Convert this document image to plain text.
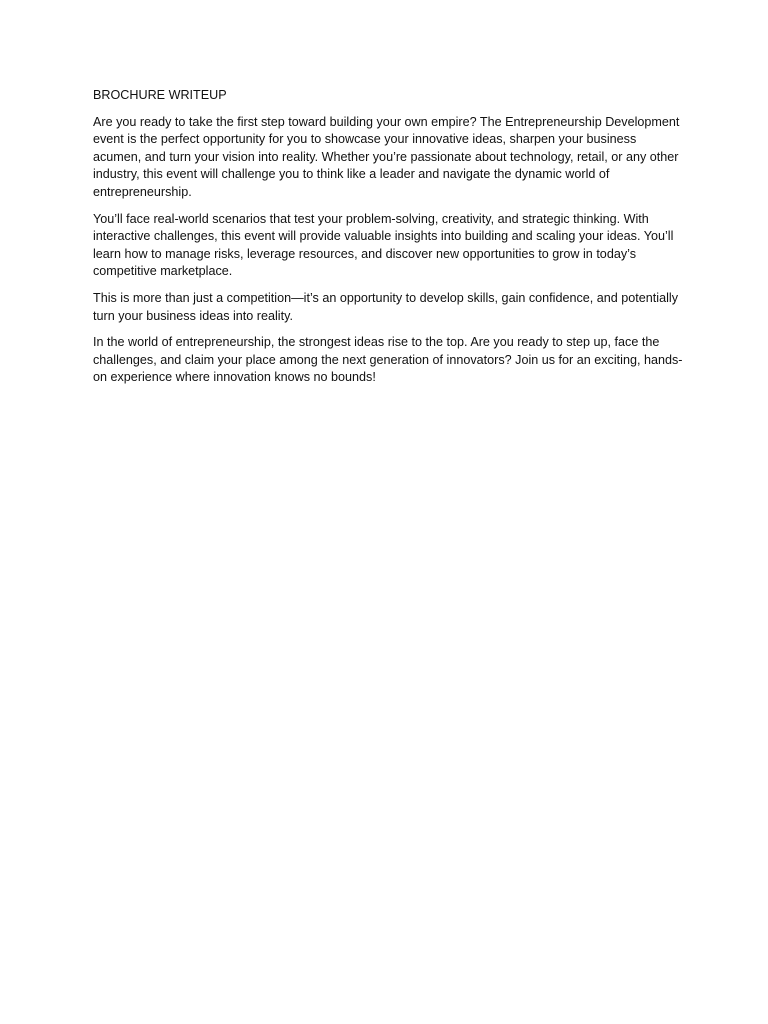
BROCHURE WRITEUP

Are you ready to take the first step toward building your own empire? The Entrepreneurship Development event is the perfect opportunity for you to showcase your innovative ideas, sharpen your business acumen, and turn your vision into reality. Whether you’re passionate about technology, retail, or any other industry, this event will challenge you to think like a leader and navigate the dynamic world of entrepreneurship.

You’ll face real-world scenarios that test your problem-solving, creativity, and strategic thinking. With interactive challenges, this event will provide valuable insights into building and scaling your ideas. You’ll learn how to manage risks, leverage resources, and discover new opportunities to grow in today’s competitive marketplace.

This is more than just a competition—it’s an opportunity to develop skills, gain confidence, and potentially turn your business ideas into reality.

In the world of entrepreneurship, the strongest ideas rise to the top. Are you ready to step up, face the challenges, and claim your place among the next generation of innovators? Join us for an exciting, hands-on experience where innovation knows no bounds!
